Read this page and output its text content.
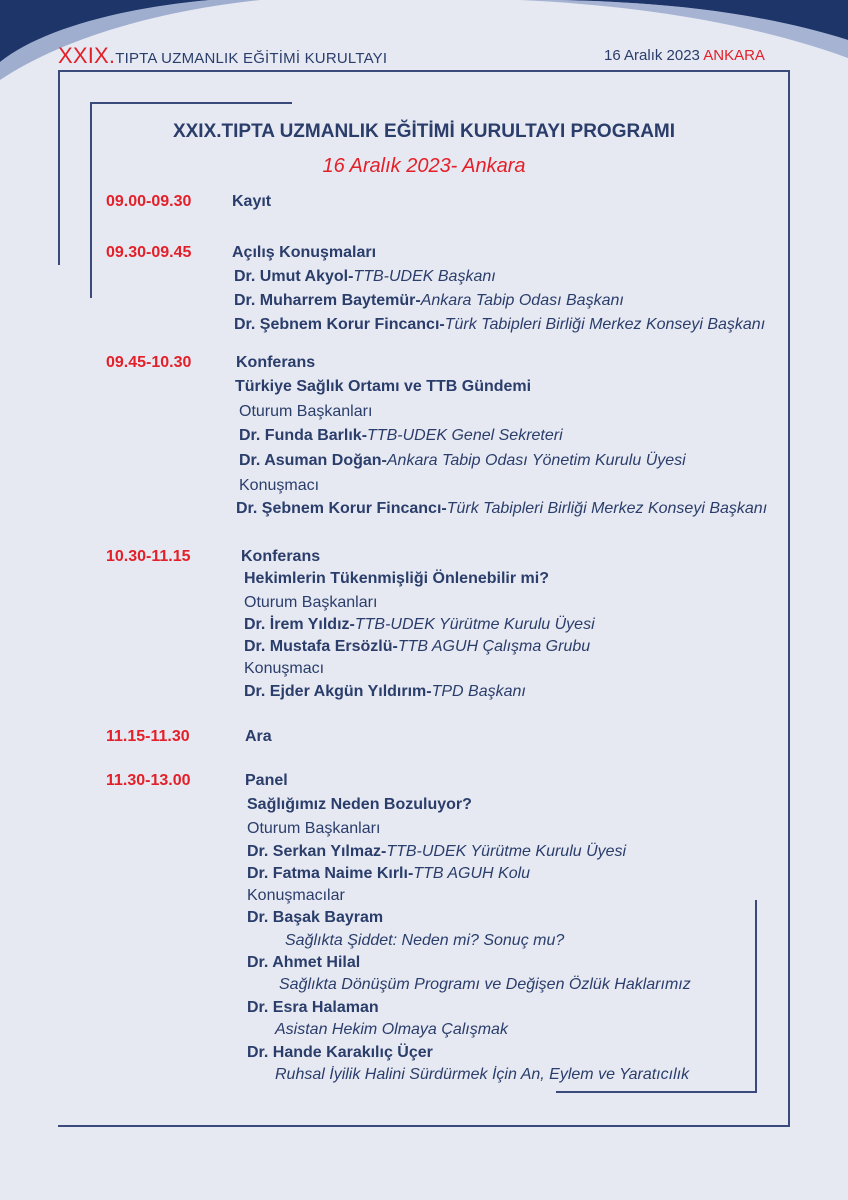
XXIX.TIPTA UZMANLIK EĞİTİMİ KURULTAYI	16 Aralık 2023 ANKARA
XXIX.TIPTA UZMANLIK EĞİTİMİ KURULTAYI PROGRAMI
16 Aralık 2023- Ankara
09.00-09.30	Kayıt
09.30-09.45	Açılış Konuşmaları
Dr. Umut Akyol-TTB-UDEK Başkanı
Dr. Muharrem Baytemür-Ankara Tabip Odası Başkanı
Dr. Şebnem Korur Fincancı-Türk Tabipleri Birliği Merkez Konseyi Başkanı
09.45-10.30	Konferans
Türkiye Sağlık Ortamı ve TTB Gündemi
Oturum Başkanları
Dr. Funda Barlık-TTB-UDEK Genel Sekreteri
Dr. Asuman Doğan-Ankara Tabip Odası Yönetim Kurulu Üyesi
Konuşmacı
Dr. Şebnem Korur Fincancı-Türk Tabipleri Birliği Merkez Konseyi Başkanı
10.30-11.15	Konferans
Hekimlerin Tükenmişliği Önlenebilir mi?
Oturum Başkanları
Dr. İrem Yıldız-TTB-UDEK Yürütme Kurulu Üyesi
Dr. Mustafa Ersözlü-TTB AGUH Çalışma Grubu
Konuşmacı
Dr. Ejder Akgün Yıldırım-TPD Başkanı
11.15-11.30	Ara
11.30-13.00	Panel
Sağlığımız Neden Bozuluyor?
Oturum Başkanları
Dr. Serkan Yılmaz-TTB-UDEK Yürütme Kurulu Üyesi
Dr. Fatma Naime Kırlı-TTB AGUH Kolu
Konuşmacılar
Dr. Başak Bayram
Sağlıkta Şiddet: Neden mi? Sonuç mu?
Dr. Ahmet Hilal
Sağlıkta Dönüşüm Programı ve Değişen Özlük Haklarımız
Dr. Esra Halaman
Asistan Hekim Olmaya Çalışmak
Dr. Hande Karakılıç Üçer
Ruhsal İyilik Halini Sürdürmek İçin An, Eylem ve Yaratıcılık
